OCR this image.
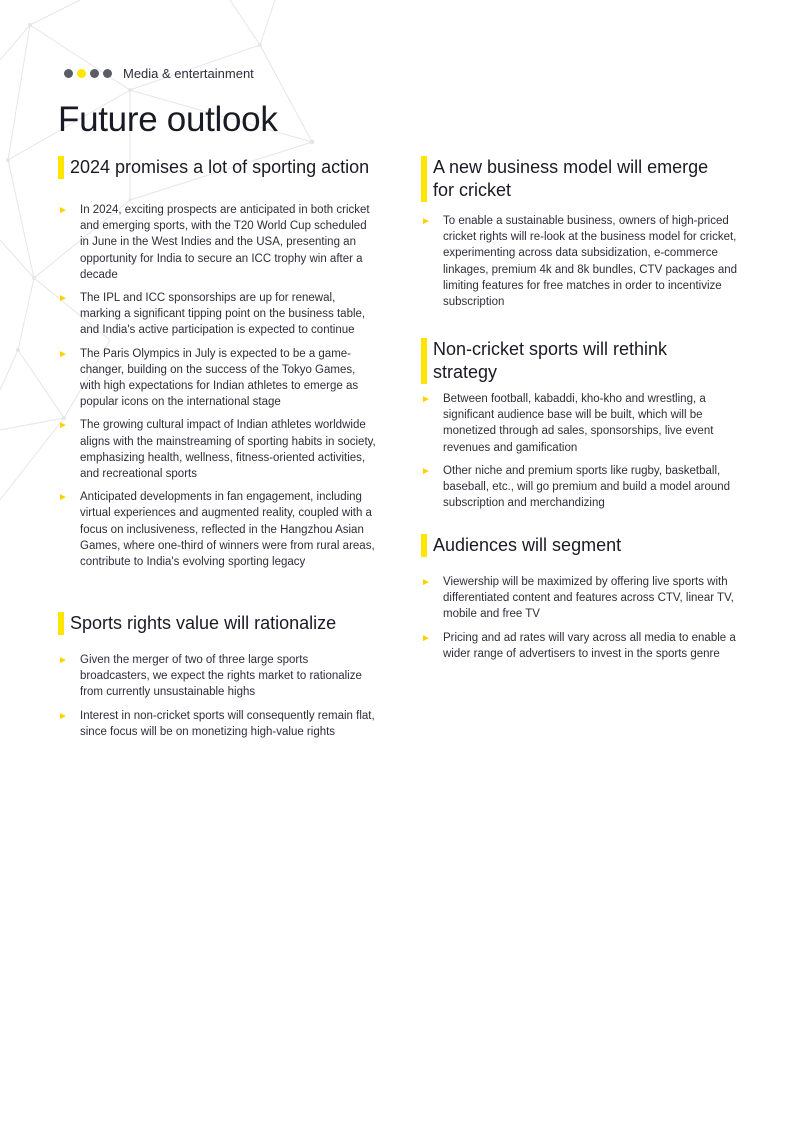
Media & entertainment
Future outlook
2024 promises a lot of sporting action
► In 2024, exciting prospects are anticipated in both cricket and emerging sports, with the T20 World Cup scheduled in June in the West Indies and the USA, presenting an opportunity for India to secure an ICC trophy win after a decade
► The IPL and ICC sponsorships are up for renewal, marking a significant tipping point on the business table, and India's active participation is expected to continue
► The Paris Olympics in July is expected to be a game-changer, building on the success of the Tokyo Games, with high expectations for Indian athletes to emerge as popular icons on the international stage
► The growing cultural impact of Indian athletes worldwide aligns with the mainstreaming of sporting habits in society, emphasizing health, wellness, fitness-oriented activities, and recreational sports
► Anticipated developments in fan engagement, including virtual experiences and augmented reality, coupled with a focus on inclusiveness, reflected in the Hangzhou Asian Games, where one-third of winners were from rural areas, contribute to India's evolving sporting legacy
Sports rights value will rationalize
► Given the merger of two of three large sports broadcasters, we expect the rights market to rationalize from currently unsustainable highs
► Interest in non-cricket sports will consequently remain flat, since focus will be on monetizing high-value rights
A new business model will emerge
for cricket
► To enable a sustainable business, owners of high-priced cricket rights will re-look at the business model for cricket, experimenting across data subsidization, e-commerce linkages, premium 4k and 8k bundles, CTV packages and limiting features for free matches in order to incentivize subscription
Non-cricket sports will rethink
strategy
► Between football, kabaddi, kho-kho and wrestling, a significant audience base will be built, which will be monetized through ad sales, sponsorships, live event revenues and gamification
► Other niche and premium sports like rugby, basketball, baseball, etc., will go premium and build a model around subscription and merchandizing
Audiences will segment
► Viewership will be maximized by offering live sports with differentiated content and features across CTV, linear TV, mobile and free TV
► Pricing and ad rates will vary across all media to enable a wider range of advertisers to invest in the sports genre
